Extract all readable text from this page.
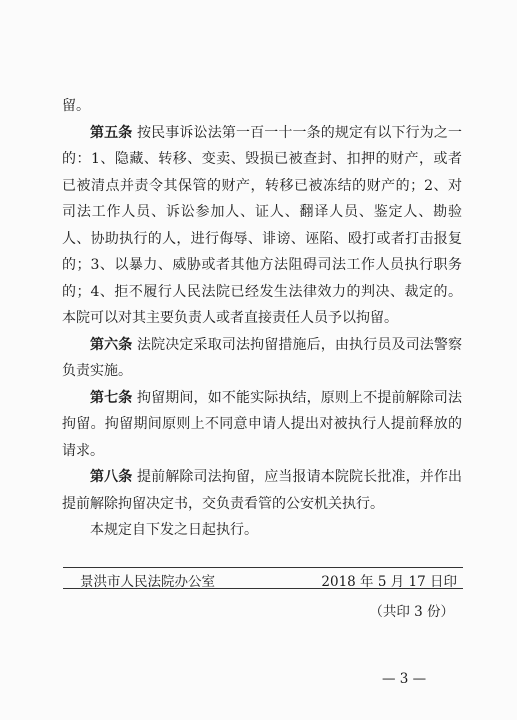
留。

第五条 按民事诉讼法第一百一十一条的规定有以下行为之一的：1、隐藏、转移、变卖、毁损已被查封、扣押的财产，或者已被清点并责令其保管的财产，转移已被冻结的财产的；2、对司法工作人员、诉讼参加人、证人、翻译人员、鉴定人、勘验人、协助执行的人，进行侮辱、诽谤、诬陷、殴打或者打击报复的；3、以暴力、威胁或者其他方法阻碍司法工作人员执行职务的；4、拒不履行人民法院已经发生法律效力的判决、裁定的。本院可以对其主要负责人或者直接责任人员予以拘留。

第六条 法院决定采取司法拘留措施后，由执行员及司法警察负责实施。

第七条 拘留期间，如不能实际执结，原则上不提前解除司法拘留。拘留期间原则上不同意申请人提出对被执行人提前释放的请求。

第八条 提前解除司法拘留，应当报请本院院长批准，并作出提前解除拘留决定书，交负责看管的公安机关执行。

本规定自下发之日起执行。

景洪市人民法院办公室	2018 年 5 月 17 日印
（共印 3 份）
— 3 —
